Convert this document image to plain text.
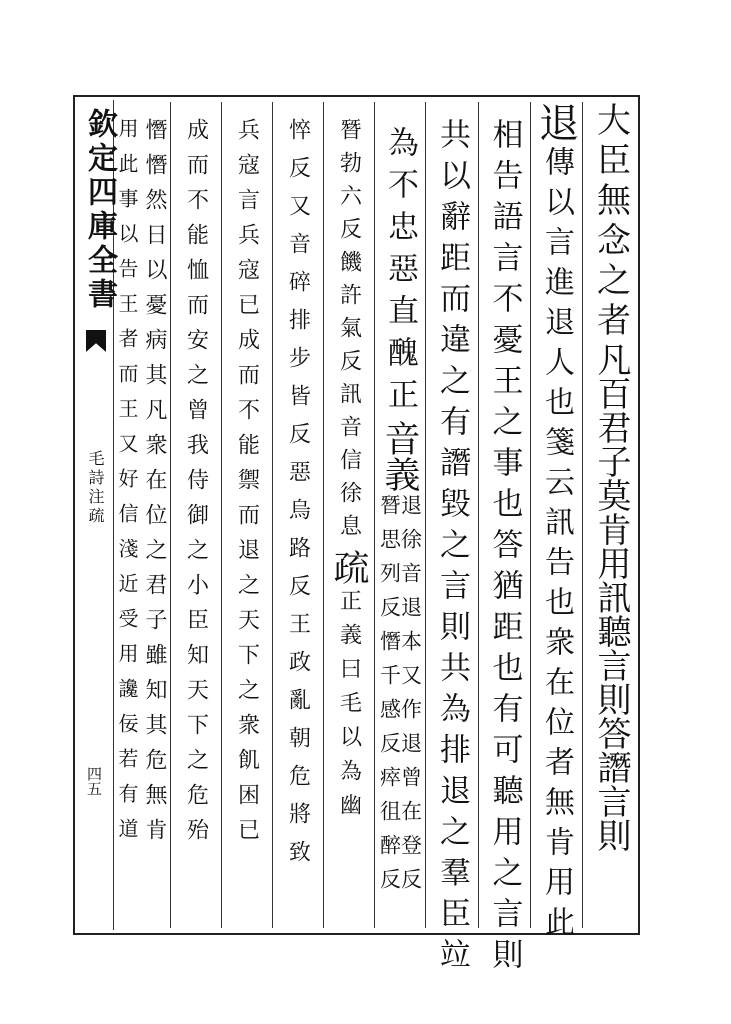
欽定四庫全書
毛詩注疏
四五
大臣無念之者
凡百君子莫肯用訊聽言則答譖言則
退
傳以言進退人也箋云訊告也衆在位者無肯用此
相告語言不憂王之事也答猶距也有可聽用之言則
共以辭距而違之有譖毀之言則共為排退之羣臣竝
為不忠惡直醜正
音義
退徐音退本又作退曾在登反
朁思列反憯千感反瘁徂醉反
朁勃六反饑許氣反訊音信徐息
疏
正義曰毛以為幽
悴反又音碎排步皆反惡烏路反王政亂朝危將致
兵寇言兵寇已成而不能禦而退之天下之衆飢困已
成而不能恤而安之曾我侍御之小臣知天下之危殆
憯憯然日以憂病其凡衆在位之君子雖知其危無肯
用此事以告王者而王又好信淺近受用讒佞若有道
